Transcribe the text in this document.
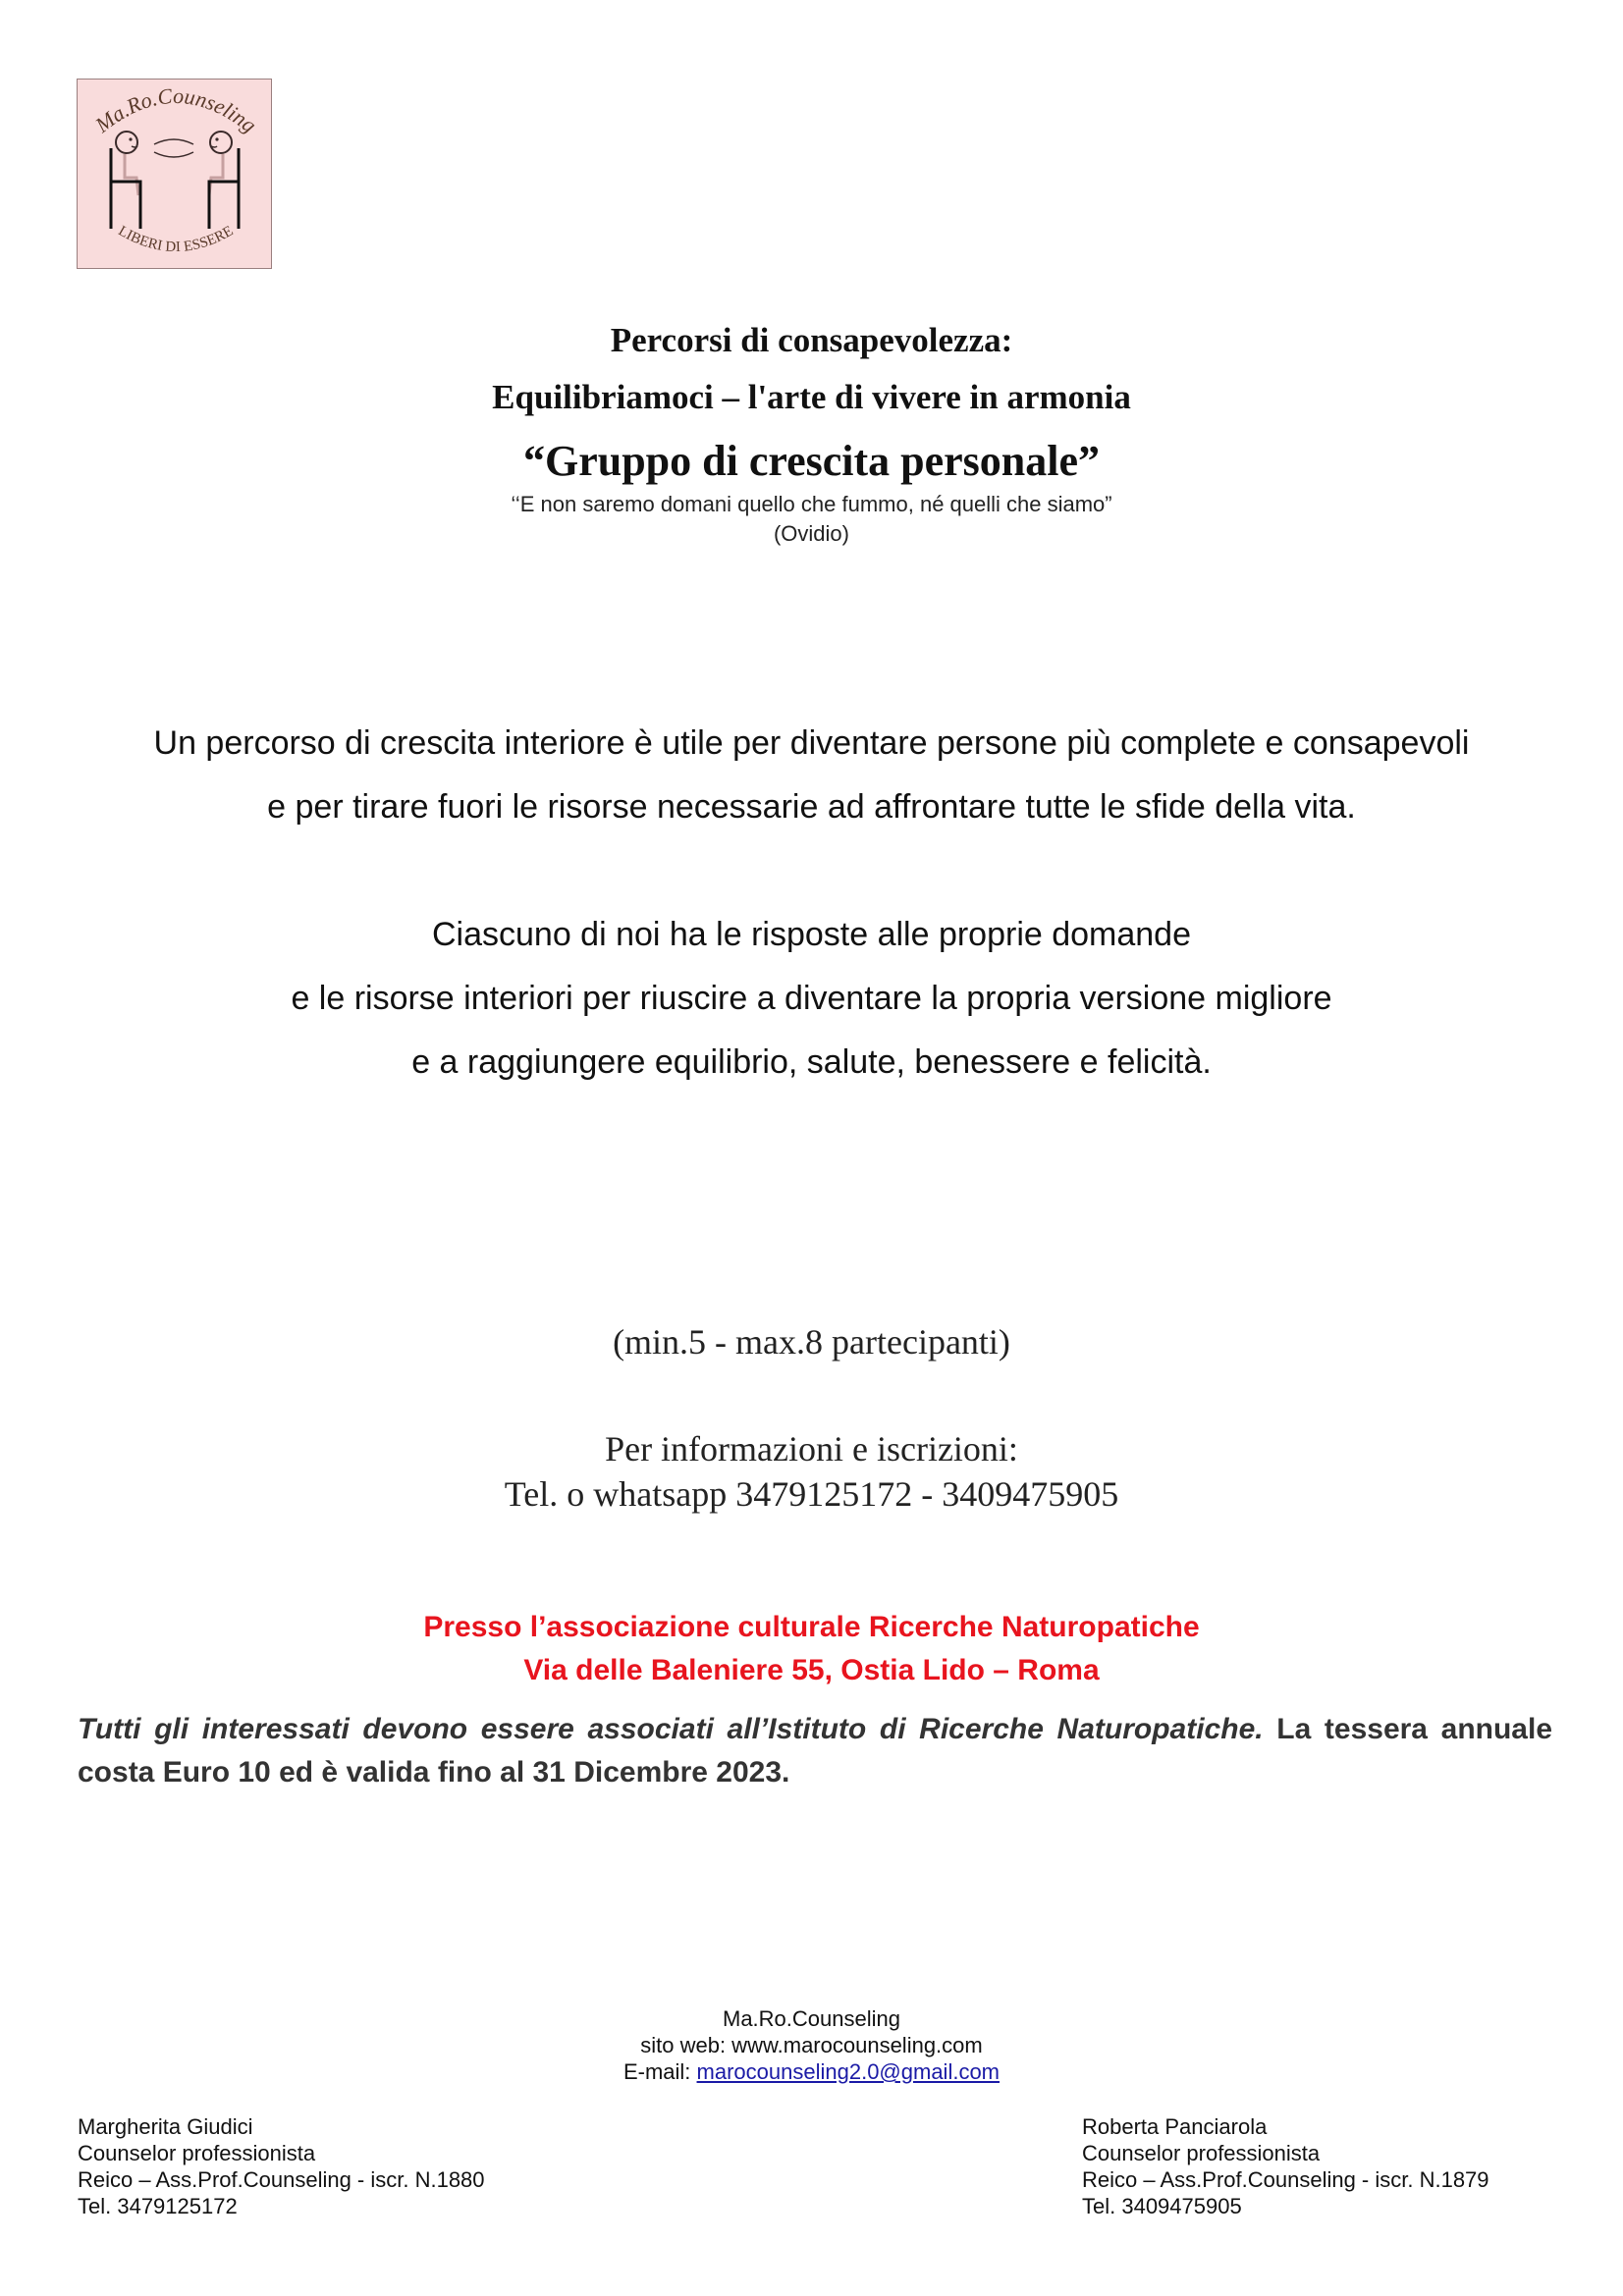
Ma.Ro.Counseling
LIBERI DI ESSERE
Percorsi di consapevolezza:
Equilibriamoci – l'arte di vivere in armonia
“Gruppo di crescita personale”
‘‘E non saremo domani quello che fummo, né quelli che siamo”
(Ovidio)
Un percorso di crescita interiore è utile per diventare persone più complete e consapevoli
e per tirare fuori le risorse necessarie ad affrontare tutte le sfide della vita.
Ciascuno di noi ha le risposte alle proprie domande
e le risorse interiori per riuscire a diventare la propria versione migliore
e a raggiungere equilibrio, salute, benessere e felicità.
(min.5 - max.8 partecipanti)
Per informazioni e iscrizioni:
Tel. o whatsapp 3479125172 - 3409475905
Presso l’associazione culturale Ricerche Naturopatiche
Via delle Baleniere 55, Ostia Lido – Roma
Tutti gli interessati devono essere associati all’Istituto di Ricerche Naturopatiche. La tessera annuale costa Euro 10 ed è valida fino al 31 Dicembre 2023.
Ma.Ro.Counseling
sito web: www.marocounseling.com
E-mail: marocounseling2.0@gmail.com
Margherita Giudici
Counselor professionista
Reico – Ass.Prof.Counseling - iscr. N.1880
Tel. 3479125172
Roberta Panciarola
Counselor professionista
Reico – Ass.Prof.Counseling - iscr. N.1879
Tel. 3409475905
